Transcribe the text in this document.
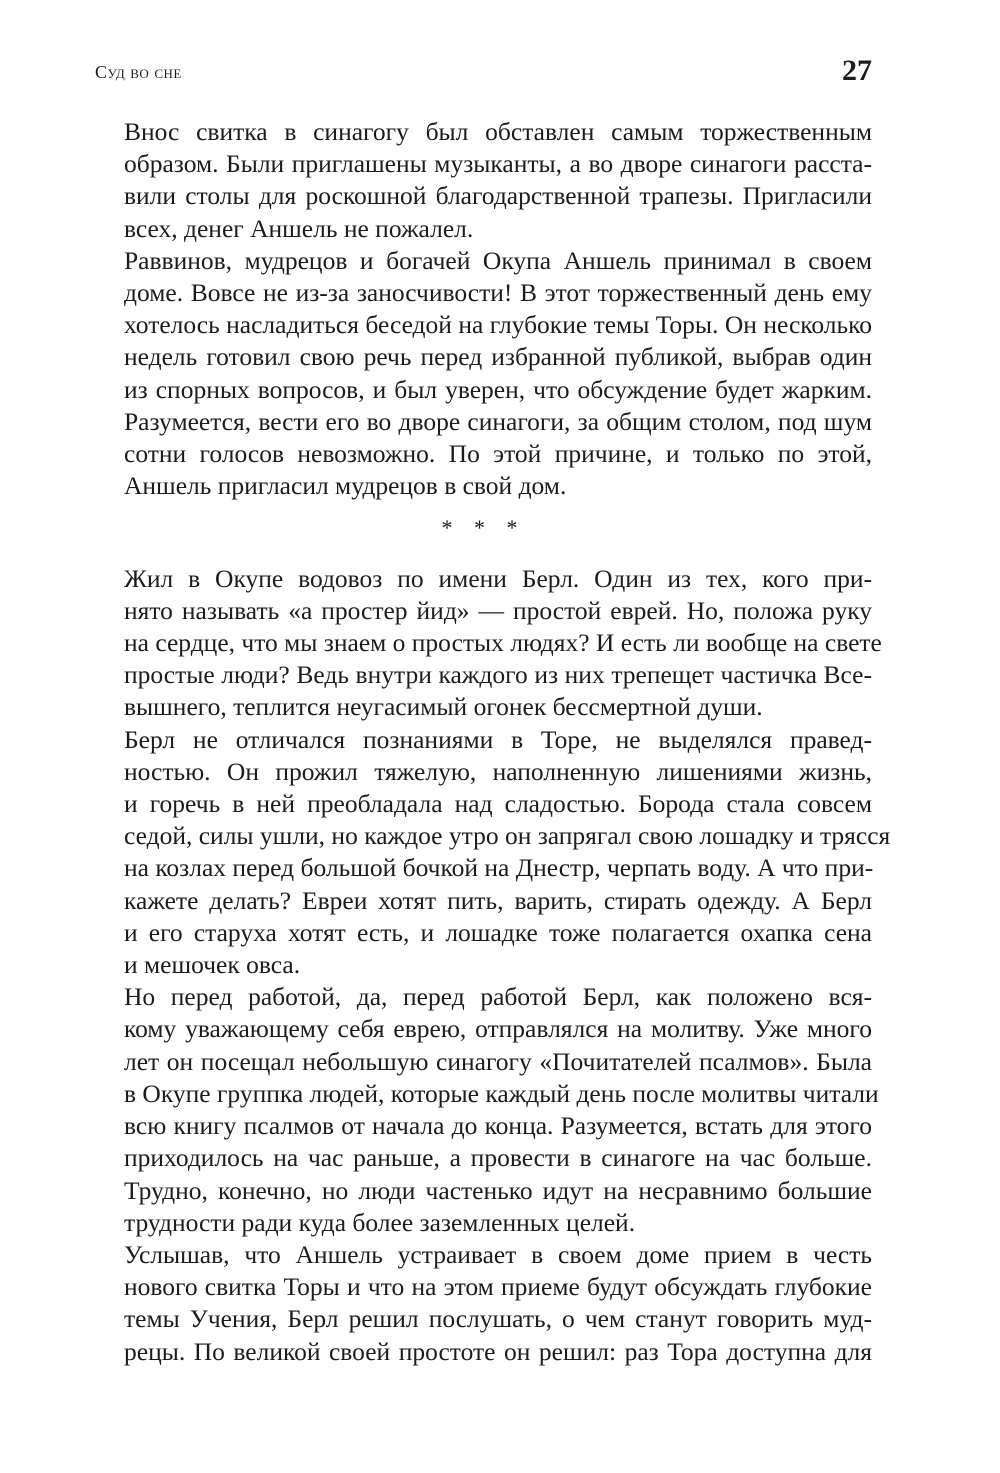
Суд во сне	27

Внос свитка в синагогу был обставлен самым торжественным
образом. Были приглашены музыканты, а во дворе синагоги расста-
вили столы для роскошной благодарственной трапезы. Пригласили
всех, денег Аншель не пожалел.

Раввинов, мудрецов и богачей Окупа Аншель принимал в своем
доме. Вовсе не из-за заносчивости! В этот торжественный день ему
хотелось насладиться беседой на глубокие темы Торы. Он несколько
недель готовил свою речь перед избранной публикой, выбрав один
из спорных вопросов, и был уверен, что обсуждение будет жарким.
Разумеется, вести его во дворе синагоги, за общим столом, под шум
сотни голосов невозможно. По этой причине, и только по этой,
Аншель пригласил мудрецов в свой дом.

* * *

Жил в Окупе водовоз по имени Берл. Один из тех, кого при-
нято называть «а простер йид» — простой еврей. Но, положа руку
на сердце, что мы знаем о простых людях? И есть ли вообще на свете
простые люди? Ведь внутри каждого из них трепещет частичка Все-
вышнего, теплится неугасимый огонек бессмертной души.

Берл не отличался познаниями в Торе, не выделялся правед-
ностью. Он прожил тяжелую, наполненную лишениями жизнь,
и горечь в ней преобладала над сладостью. Борода стала совсем
седой, силы ушли, но каждое утро он запрягал свою лошадку и трясся
на козлах перед большой бочкой на Днестр, черпать воду. А что при-
кажете делать? Евреи хотят пить, варить, стирать одежду. А Берл
и его старуха хотят есть, и лошадке тоже полагается охапка сена
и мешочек овса.

Но перед работой, да, перед работой Берл, как положено вся-
кому уважающему себя еврею, отправлялся на молитву. Уже много
лет он посещал небольшую синагогу «Почитателей псалмов». Была
в Окупе группка людей, которые каждый день после молитвы читали
всю книгу псалмов от начала до конца. Разумеется, встать для этого
приходилось на час раньше, а провести в синагоге на час больше.
Трудно, конечно, но люди частенько идут на несравнимо большие
трудности ради куда более заземленных целей.

Услышав, что Аншель устраивает в своем доме прием в честь
нового свитка Торы и что на этом приеме будут обсуждать глубокие
темы Учения, Берл решил послушать, о чем станут говорить муд-
рецы. По великой своей простоте он решил: раз Тора доступна для
